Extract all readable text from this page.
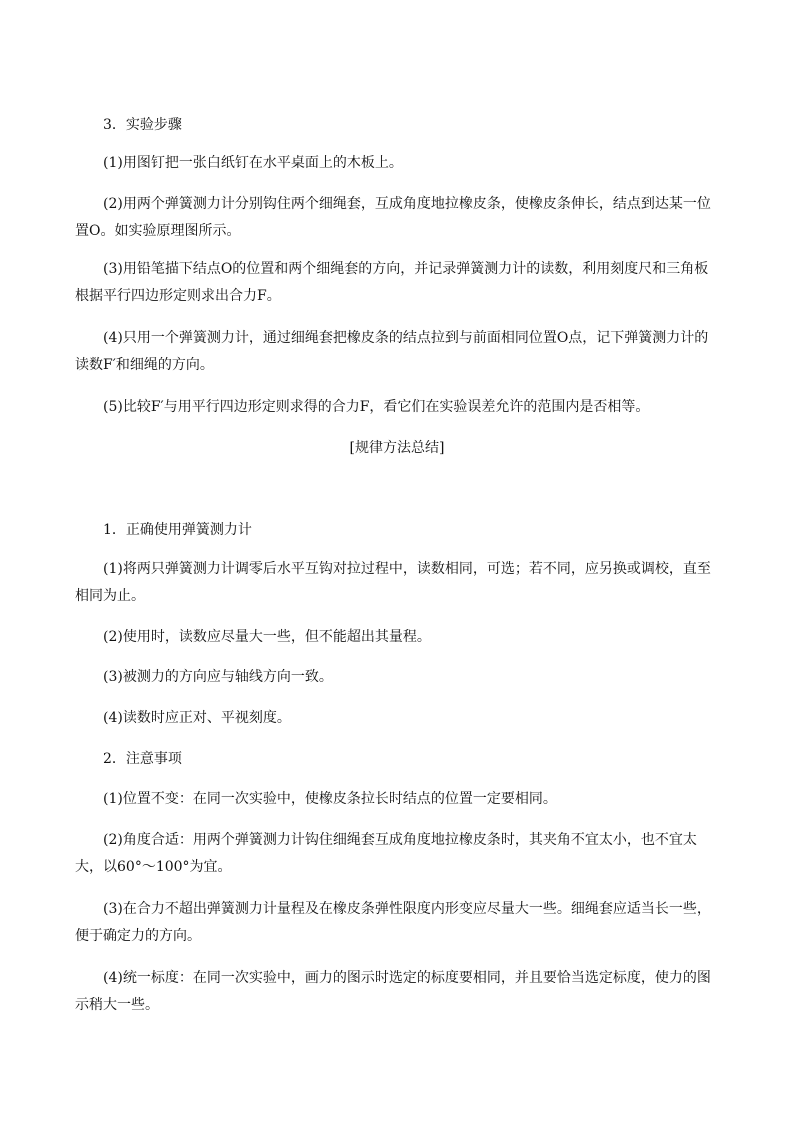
3．实验步骤

(1)用图钉把一张白纸钉在水平桌面上的木板上。

(2)用两个弹簧测力计分别钩住两个细绳套，互成角度地拉橡皮条，使橡皮条伸长，结点到达某一位置O。如实验原理图所示。

(3)用铅笔描下结点O的位置和两个细绳套的方向，并记录弹簧测力计的读数，利用刻度尺和三角板根据平行四边形定则求出合力F。

(4)只用一个弹簧测力计，通过细绳套把橡皮条的结点拉到与前面相同位置O点，记下弹簧测力计的读数F′和细绳的方向。

(5)比较F′与用平行四边形定则求得的合力F，看它们在实验误差允许的范围内是否相等。

[规律方法总结]

1．正确使用弹簧测力计

(1)将两只弹簧测力计调零后水平互钩对拉过程中，读数相同，可选；若不同，应另换或调校，直至相同为止。

(2)使用时，读数应尽量大一些，但不能超出其量程。

(3)被测力的方向应与轴线方向一致。

(4)读数时应正对、平视刻度。

2．注意事项

(1)位置不变：在同一次实验中，使橡皮条拉长时结点的位置一定要相同。

(2)角度合适：用两个弹簧测力计钩住细绳套互成角度地拉橡皮条时，其夹角不宜太小，也不宜太大，以60°～100°为宜。

(3)在合力不超出弹簧测力计量程及在橡皮条弹性限度内形变应尽量大一些。细绳套应适当长一些，便于确定力的方向。

(4)统一标度：在同一次实验中，画力的图示时选定的标度要相同，并且要恰当选定标度，使力的图示稍大一些。
